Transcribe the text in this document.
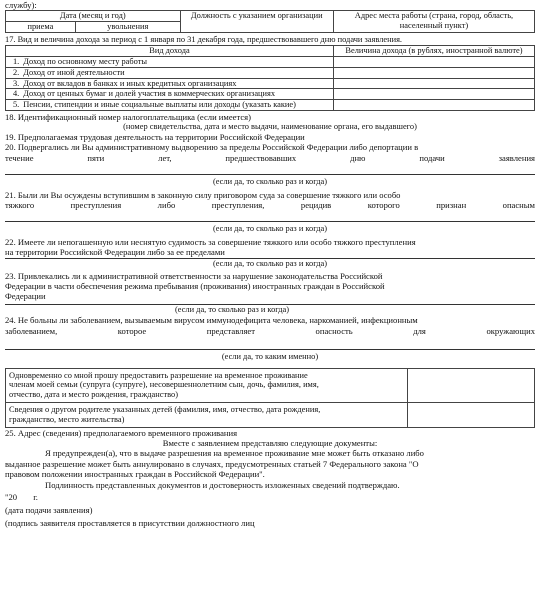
службу):
Дата (месяц и год)		Должность с указанием организации	Адрес места работы (страна, город, область, населенный пункт)
приема	увольнения		
17. Вид и величина дохода за период с 1 января по 31 декабря года, предшествовавшего дню подачи заявления.
Вид дохода		Величина дохода (в рублях, иностранной валюте)
1.	Доход по основному месту работы	
2.	Доход от иной деятельности	
3.	Доход от вкладов в банках и иных кредитных организациях	
4.	Доход от ценных бумаг и долей участия в коммерческих организациях	
5.	Пенсии, стипендии и иные социальные выплаты или доходы (указать какие)	
18. Идентификационный номер налогоплательщика (если имеется)
(номер свидетельства, дата и место выдачи, наименование органа, его выдавшего)
19. Предполагаемая трудовая деятельность на территории Российской Федерации
20. Подвергались ли Вы административному выдворению за пределы Российской Федерации либо депортации в
течение пяти лет, предшествовавших дню подачи заявления
(если да, то сколько раз и когда)
21. Были ли Вы осуждены вступившим в законную силу приговором суда за совершение тяжкого или особо
тяжкого преступления либо преступления, рецидив которого признан опасным
(если да, то сколько раз и когда)
22. Имеете ли непогашенную или неснятую судимость за совершение тяжкого или особо тяжкого преступления
на территории Российской Федерации либо за ее пределами
(если да, то сколько раз и когда)
23. Привлекались ли к административной ответственности за нарушение законодательства Российской
Федерации в части обеспечения режима пребывания (проживания) иностранных граждан в Российской
Федерации
(если да, то сколько раз и когда)
24. Не больны ли заболеванием, вызываемым вирусом иммунодефицита человека, наркоманией, инфекционным
заболеванием, которое представляет опасность для окружающих
(если да, то каким именно)
Одновременно со мной прошу предоставить разрешение на временное проживание
членам моей семьи (супруга (супруге), несовершеннолетним сын, дочь, фамилия, имя,
отчество, дата и место рождения, гражданство)	

Сведения о другом родителе указанных детей (фамилия, имя, отчество, дата рождения,
гражданство, место жительства)	

25. Адрес (сведения) предполагаемого временного проживания
Вместе с заявлением представляю следующие документы:
Я предупрежден(а), что в выдаче разрешения на временное проживание мне может быть отказано либо
выданное разрешение может быть аннулировано в случаях, предусмотренных статьей 7 Федерального закона "О
правовом положении иностранных граждан в Российской Федерации".
Подлинность представленных документов и достоверность изложенных сведений подтверждаю.
"20 г.
(дата подачи заявления)
(подпись заявителя проставляется в присутствии должностного лиц
